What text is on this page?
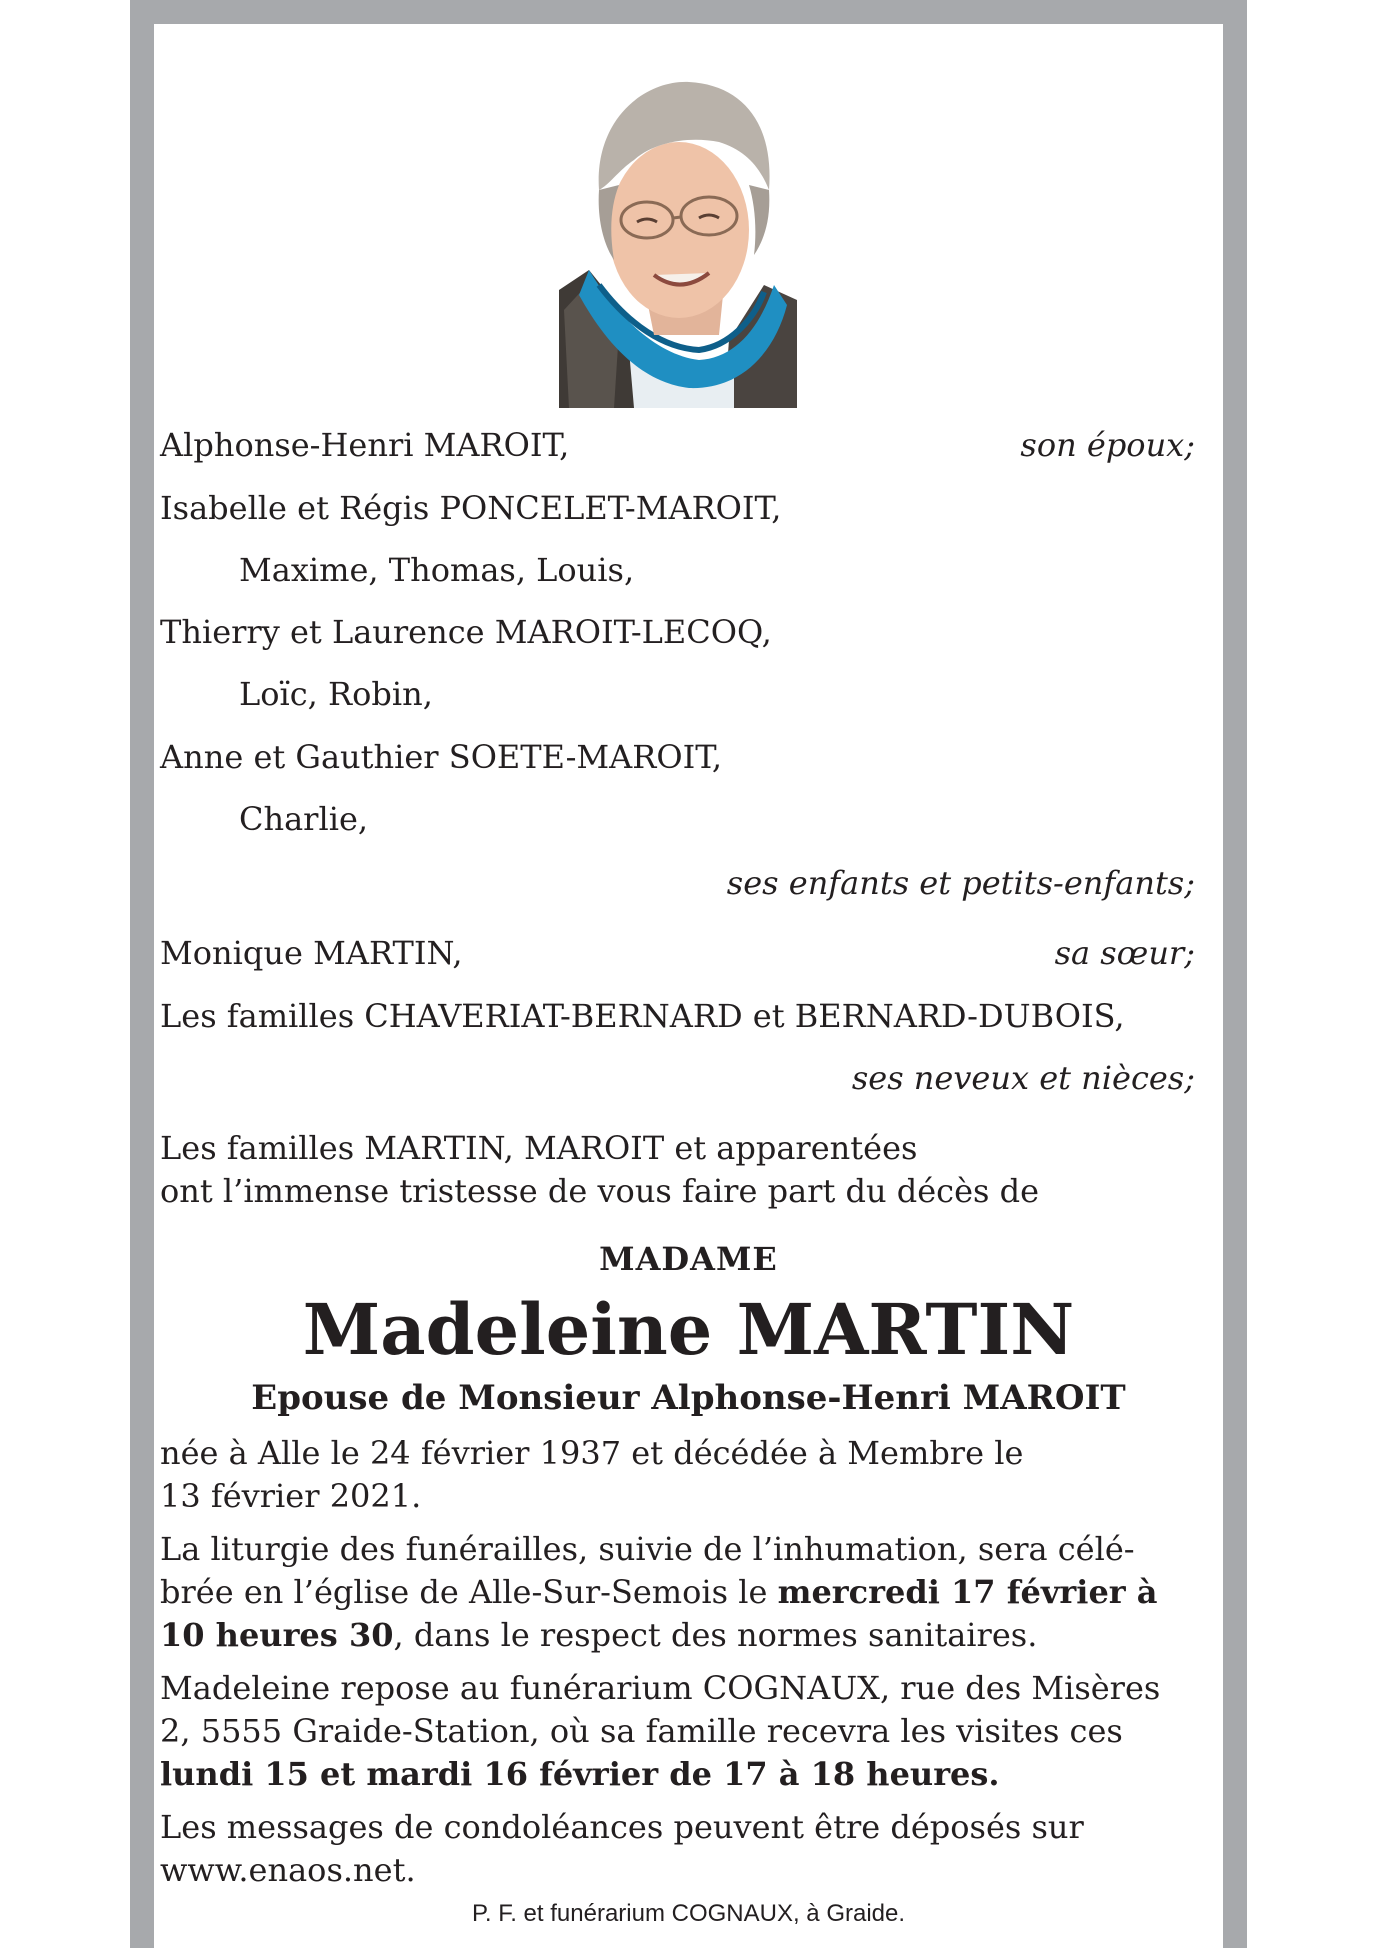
Alphonse-Henri MAROIT,	son époux;
Isabelle et Régis PONCELET-MAROIT,
Maxime, Thomas, Louis,
Thierry et Laurence MAROIT-LECOQ,
Loïc, Robin,
Anne et Gauthier SOETE-MAROIT,
Charlie,
ses enfants et petits-enfants;
Monique MARTIN,	sa sœur;
Les familles CHAVERIAT-BERNARD et BERNARD-DUBOIS,
ses neveux et nièces;
Les familles MARTIN, MAROIT et apparentées
ont l’immense tristesse de vous faire part du décès de
MADAME
Madeleine MARTIN
Epouse de Monsieur Alphonse-Henri MAROIT
née à Alle le 24 février 1937 et décédée à Membre le
13 février 2021.
La liturgie des funérailles, suivie de l’inhumation, sera célé-
brée en l’église de Alle-Sur-Semois le mercredi 17 février à
10 heures 30, dans le respect des normes sanitaires.
Madeleine repose au funérarium COGNAUX, rue des Misères
2, 5555 Graide-Station, où sa famille recevra les visites ces
lundi 15 et mardi 16 février de 17 à 18 heures.
Les messages de condoléances peuvent être déposés sur
www.enaos.net.
P. F. et funérarium COGNAUX, à Graide.
